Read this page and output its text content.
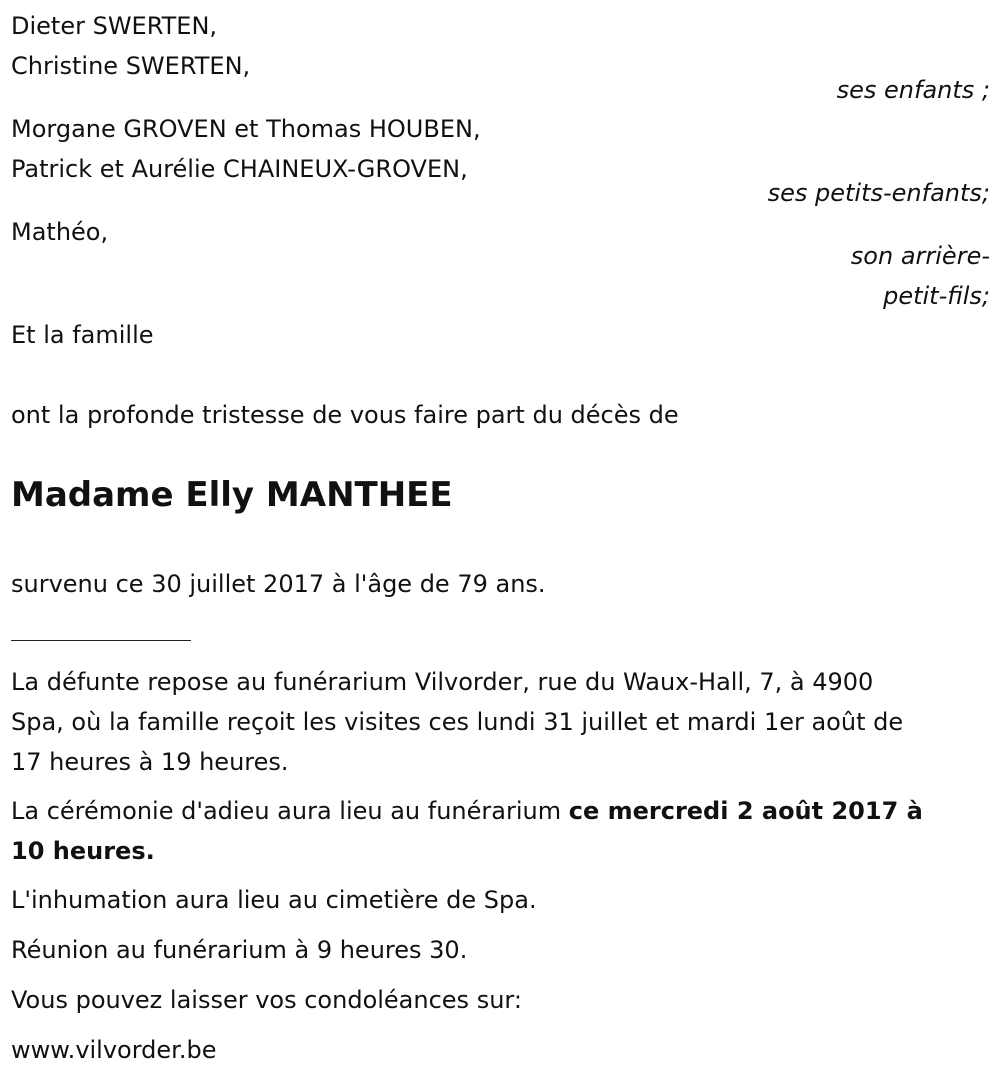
Dieter SWERTEN,
Christine SWERTEN,
ses enfants ;
Morgane GROVEN et Thomas HOUBEN,
Patrick et Aurélie CHAINEUX-GROVEN,
ses petits-enfants;
Mathéo,
son arrière-
petit-fils;
Et la famille
ont la profonde tristesse de vous faire part du décès de
Madame Elly MANTHEE
survenu ce 30 juillet 2017 à l'âge de 79 ans.
La défunte repose au funérarium Vilvorder, rue du Waux-Hall, 7, à 4900
Spa, où la famille reçoit les visites ces lundi 31 juillet et mardi 1er août de
17 heures à 19 heures.
La cérémonie d'adieu aura lieu au funérarium ce mercredi 2 août 2017 à
10 heures.
L'inhumation aura lieu au cimetière de Spa.
Réunion au funérarium à 9 heures 30.
Vous pouvez laisser vos condoléances sur:
www.vilvorder.be
